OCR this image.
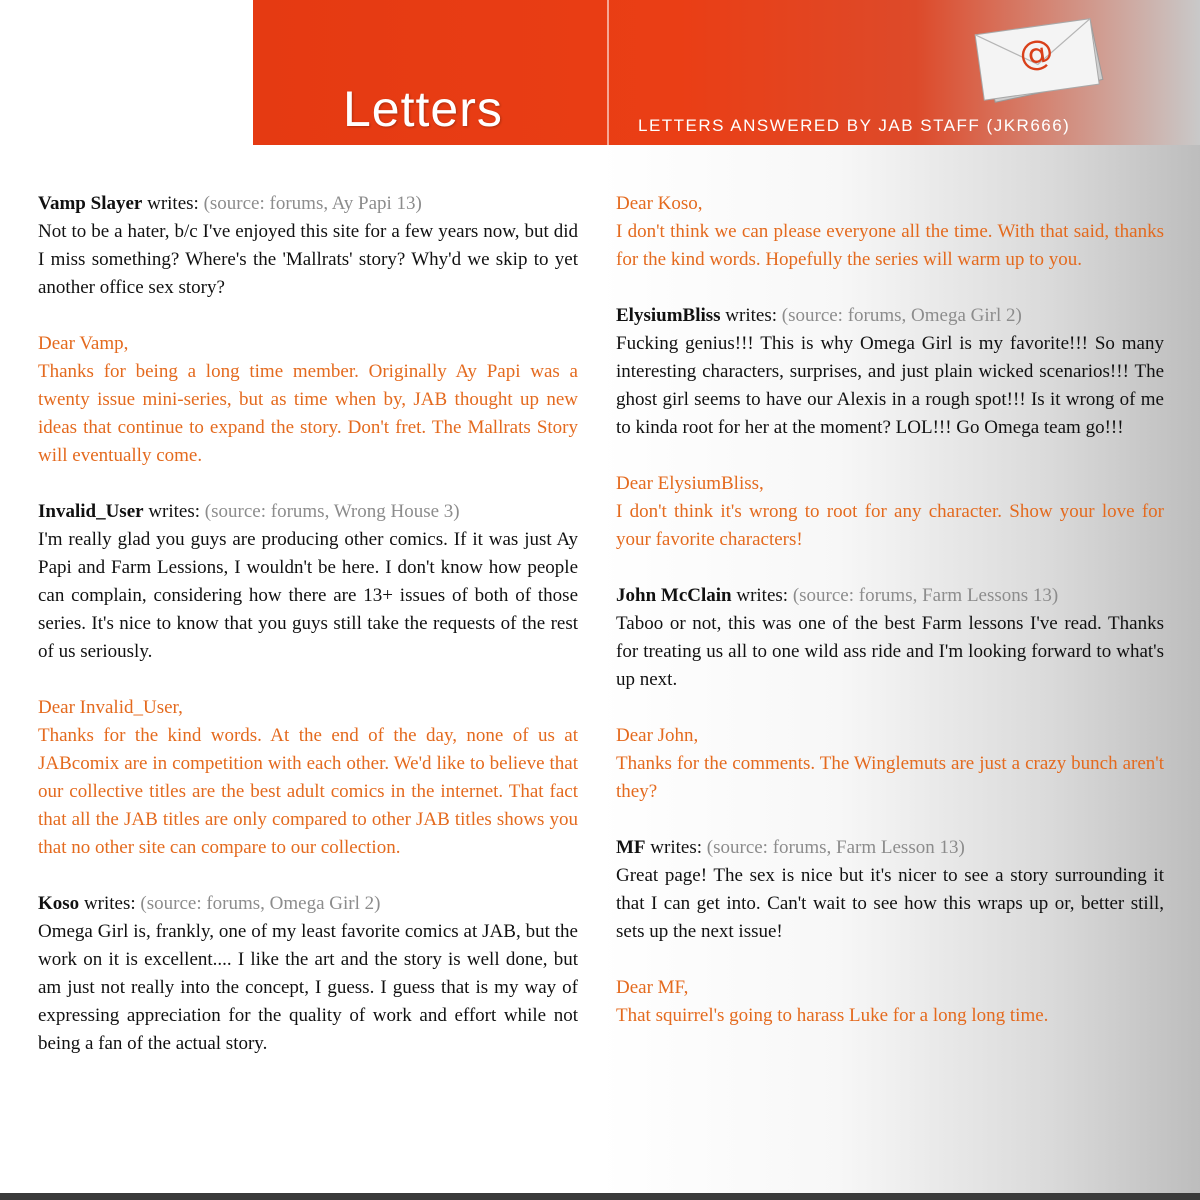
Letters	LETTERS ANSWERED BY JAB STAFF (JKR666)
@
Vamp Slayer writes: (source: forums, Ay Papi 13)
Not to be a hater, b/c I've enjoyed this site for a few years now, but did I miss something? Where's the 'Mallrats' story? Why'd we skip to yet another office sex story?
Dear Vamp,
Thanks for being a long time member. Originally Ay Papi was a twenty issue mini-series, but as time when by, JAB thought up new ideas that continue to expand the story. Don't fret. The Mallrats Story will eventually come.
Invalid_User writes: (source: forums, Wrong House 3)
I'm really glad you guys are producing other comics. If it was just Ay Papi and Farm Lessions, I wouldn't be here. I don't know how people can complain, considering how there are 13+ issues of both of those series. It's nice to know that you guys still take the requests of the rest of us seriously.
Dear Invalid_User,
Thanks for the kind words. At the end of the day, none of us at JABcomix are in competition with each other. We'd like to believe that our collective titles are the best adult comics in the internet. That fact that all the JAB titles are only compared to other JAB titles shows you that no other site can compare to our collection.
Koso writes: (source: forums, Omega Girl 2)
Omega Girl is, frankly, one of my least favorite comics at JAB, but the work on it is excellent.... I like the art and the story is well done, but am just not really into the concept, I guess. I guess that is my way of expressing appreciation for the quality of work and effort while not being a fan of the actual story.
Dear Koso,
I don't think we can please everyone all the time. With that said, thanks for the kind words. Hopefully the series will warm up to you.
ElysiumBliss writes: (source: forums, Omega Girl 2)
Fucking genius!!! This is why Omega Girl is my favorite!!! So many interesting characters, surprises, and just plain wicked scenarios!!! The ghost girl seems to have our Alexis in a rough spot!!! Is it wrong of me to kinda root for her at the moment? LOL!!! Go Omega team go!!!
Dear ElysiumBliss,
I don't think it's wrong to root for any character. Show your love for your favorite characters!
John McClain writes: (source: forums, Farm Lessons 13)
Taboo or not, this was one of the best Farm lessons I've read. Thanks for treating us all to one wild ass ride and I'm looking forward to what's up next.
Dear John,
Thanks for the comments. The Winglemuts are just a crazy bunch aren't they?
MF writes: (source: forums, Farm Lesson 13)
Great page! The sex is nice but it's nicer to see a story surrounding it that I can get into. Can't wait to see how this wraps up or, better still, sets up the next issue!
Dear MF,
That squirrel's going to harass Luke for a long long time.
